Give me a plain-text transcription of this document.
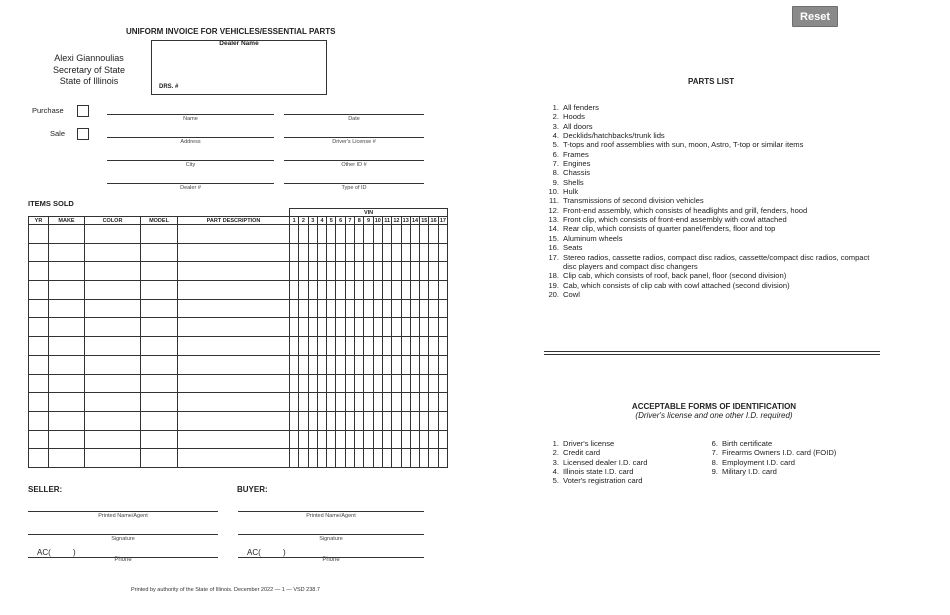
Reset
UNIFORM INVOICE FOR VEHICLES/ESSENTIAL PARTS
Alexi Giannoulias
Secretary of State
State of Illinois
Dealer Name
DRS. #
Purchase
Sale
Name
Address
City
Dealer #
Date
Driver's License #
Other ID #
Type of ID
ITEMS SOLD
					VIN																
YR	MAKE	COLOR	MODEL	PART DESCRIPTION	1	2	3	4	5	6	7	8	9	10	11	12	13	14	15	16	17

SELLER:
Printed Name/Agent
Signature
AC(          )
Phone
BUYER:
Printed Name/Agent
Signature
AC(          )
Phone
Printed by authority of the State of Illinois. December 2022 — 1 — VSD 238.7
PARTS LIST
1. All fenders
2. Hoods
3. All doors
4. Decklids/hatchbacks/trunk lids
5. T-tops and roof assemblies with sun, moon, Astro, T-top or similar items
6. Frames
7. Engines
8. Chassis
9. Shells
10. Hulk
11. Transmissions of second division vehicles
12. Front-end assembly, which consists of headlights and grill, fenders, hood
13. Front clip, which consists of front-end assembly with cowl attached
14. Rear clip, which consists of quarter panel/fenders, floor and top
15. Aluminum wheels
16. Seats
17. Stereo radios, cassette radios, compact disc radios, cassette/compact disc radios, compact disc players and compact disc changers
18. Clip cab, which consists of roof, back panel, floor (second division)
19. Cab, which consists of clip cab with cowl attached (second division)
20. Cowl
ACCEPTABLE FORMS OF IDENTIFICATION
(Driver's license and one other I.D. required)
1. Driver's license
2. Credit card
3. Licensed dealer I.D. card
4. Illinois state I.D. card
5. Voter's registration card
6. Birth certificate
7. Firearms Owners I.D. card (FOID)
8. Employment I.D. card
9. Military I.D. card
